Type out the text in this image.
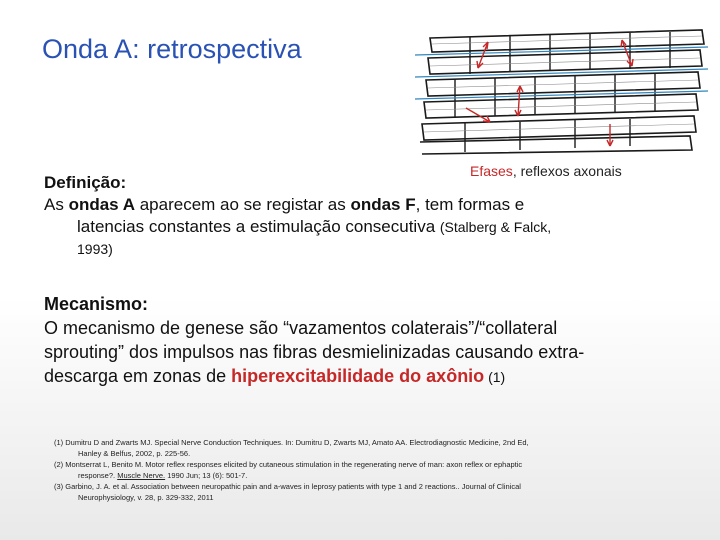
Onda A: retrospectiva
Efases, reflexos axonais
Definição:
As ondas A aparecem ao se registar as ondas F, tem formas e
latencias constantes a estimulação consecutiva (Stalberg & Falck,
1993)
Mecanismo:
O mecanismo de genese são “vazamentos colaterais”/“collateral
sprouting” dos impulsos nas fibras desmielinizadas causando extra-
descarga em zonas de hiperexcitabilidade do axônio (1)
(1) Dumitru D and Zwarts MJ. Special Nerve Conduction Techniques. In: Dumitru D, Zwarts MJ, Amato AA. Electrodiagnostic Medicine, 2nd Ed,
Hanley & Belfus, 2002, p. 225-56.
(2) Montserrat L, Benito M. Motor reflex responses elicited by cutaneous stimulation in the regenerating nerve of man: axon reflex or ephaptic
response?. Muscle Nerve. 1990 Jun; 13 (6): 501-7.
(3) Garbino, J. A. et al. Association between neuropathic pain and a-waves in leprosy patients with type 1 and 2 reactions.. Journal of Clinical
Neurophysiology, v. 28, p. 329-332, 2011
